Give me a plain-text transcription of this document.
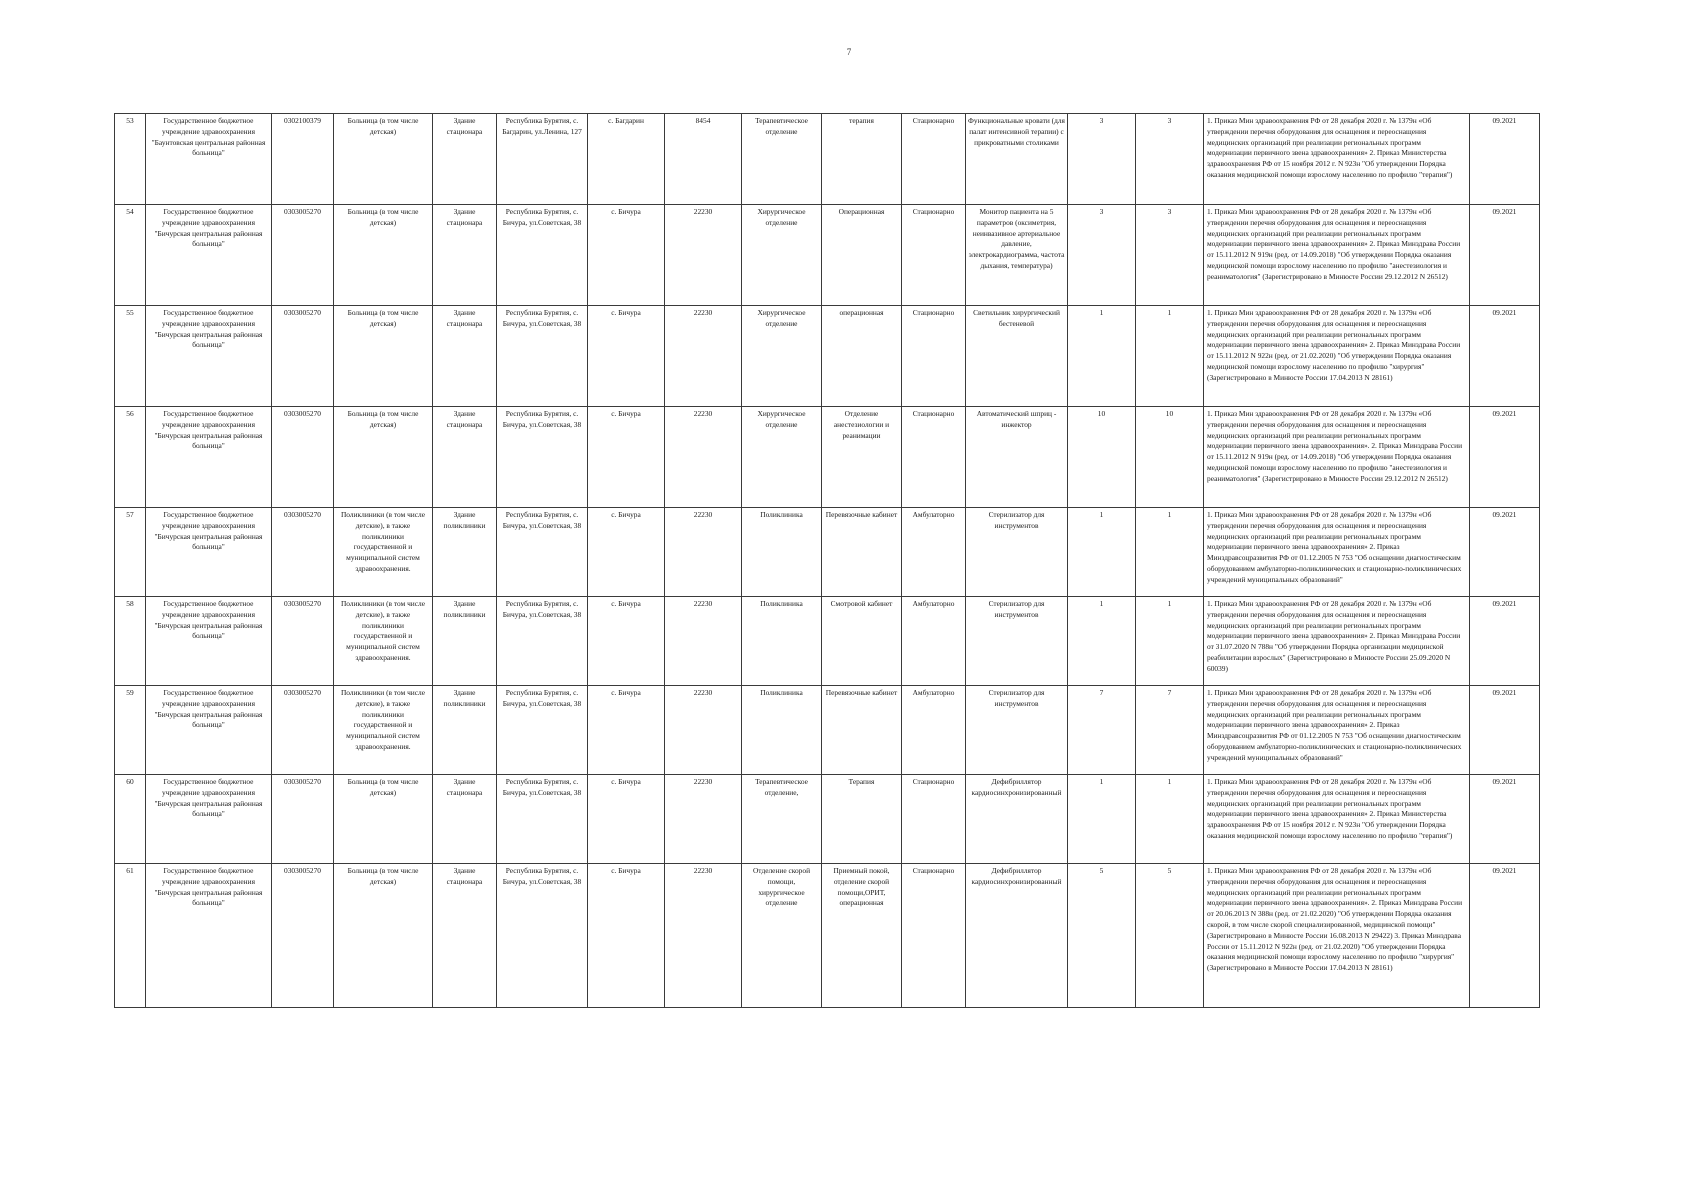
7
53	Государственное бюджетное учреждение здравоохранения "Баунтовская центральная районная больница"	0302100379	Больница (в том числе детская)	Здание стационара	Республика Бурятия, с. Багдарин, ул.Ленина, 127	с. Багдарин	8454	Терапевтическое отделение	терапия	Стационарно	Функциональные кровати (для палат интенсивной терапии) с прикроватными столиками	3	3	1. Приказ Мин здравоохранения РФ от 28 декабря 2020 г. № 1379н «Об утверждении перечня оборудования для оснащения и переоснащения медицинских организаций при реализации региональных программ модернизации первичного звена здравоохранения» 2. Приказ Министерства здравоохранения РФ от 15 ноября 2012 г. N 923н "Об утверждении Порядка оказания медицинской помощи взрослому населению по профилю "терапия")	09.2021
54	Государственное бюджетное учреждение здравоохранения "Бичурская центральная районная больница"	0303005270	Больница (в том числе детская)	Здание стационара	Республика Бурятия, с. Бичура, ул.Советская, 38	с. Бичура	22230	Хирургическое отделение	Операционная	Стационарно	Монитор пациента на 5 параметров (оксиметрия, неинвазивное артериальное давление, электрокардиограмма, частота дыхания, температура)	3	3	1. Приказ Мин здравоохранения РФ от 28 декабря 2020 г. № 1379н «Об утверждении перечня оборудования для оснащения и переоснащения медицинских организаций при реализации региональных программ модернизации первичного звена здравоохранения» 2. Приказ Минздрава России от 15.11.2012 N 919н (ред. от 14.09.2018) "Об утверждении Порядка оказания медицинской помощи взрослому населению по профилю "анестезиология и реаниматология" (Зарегистрировано в Минюсте России 29.12.2012 N 26512)	09.2021
55	Государственное бюджетное учреждение здравоохранения "Бичурская центральная районная больница"	0303005270	Больница (в том числе детская)	Здание стационара	Республика Бурятия, с. Бичура, ул.Советская, 38	с. Бичура	22230	Хирургическое отделение	операционная	Стационарно	Светильник хирургический бестеневой	1	1	1. Приказ Мин здравоохранения РФ от 28 декабря 2020 г. № 1379н «Об утверждении перечня оборудования для оснащения и переоснащения медицинских организаций при реализации региональных программ модернизации первичного звена здравоохранения» 2. Приказ Минздрава России от 15.11.2012 N 922н (ред. от 21.02.2020) "Об утверждении Порядка оказания медицинской помощи взрослому населению по профилю "хирургия" (Зарегистрировано в Минюсте России 17.04.2013 N 28161)	09.2021
56	Государственное бюджетное учреждение здравоохранения "Бичурская центральная районная больница"	0303005270	Больница (в том числе детская)	Здание стационара	Республика Бурятия, с. Бичура, ул.Советская, 38	с. Бичура	22230	Хирургическое отделение	Отделение анестезиологии и реанимации	Стационарно	Автоматический шприц - инжектор	10	10	1. Приказ Мин здравоохранения РФ от 28 декабря 2020 г. № 1379н «Об утверждении перечня оборудования для оснащения и переоснащения медицинских организаций при реализации региональных программ модернизации первичного звена здравоохранения». 2. Приказ Минздрава России от 15.11.2012 N 919н (ред. от 14.09.2018) "Об утверждении Порядка оказания медицинской помощи взрослому населению по профилю "анестезиология и реаниматология" (Зарегистрировано в Минюсте России 29.12.2012 N 26512)	09.2021
57	Государственное бюджетное учреждение здравоохранения "Бичурская центральная районная больница"	0303005270	Поликлиники (в том числе детские), в также поликлиники государственной и муниципальной систем здравоохранения.	Здание поликлиники	Республика Бурятия, с. Бичура, ул.Советская, 38	с. Бичура	22230	Поликлиника	Перевязочные кабинет	Амбулаторно	Стерилизатор для инструментов	1	1	1. Приказ Мин здравоохранения РФ от 28 декабря 2020 г. № 1379н «Об утверждении перечня оборудования для оснащения и переоснащения медицинских организаций при реализации региональных программ модернизации первичного звена здравоохранения» 2. Приказ Минздравсоцразвития РФ от 01.12.2005 N 753 "Об оснащении диагностическим оборудованием амбулаторно-поликлинических и стационарно-поликлинических учреждений муниципальных образований"	09.2021
58	Государственное бюджетное учреждение здравоохранения "Бичурская центральная районная больница"	0303005270	Поликлиники (в том числе детские), в также поликлиники государственной и муниципальной систем здравоохранения.	Здание поликлиники	Республика Бурятия, с. Бичура, ул.Советская, 38	с. Бичура	22230	Поликлиника	Смотровой кабинет	Амбулаторно	Стерилизатор для инструментов	1	1	1. Приказ Мин здравоохранения РФ от 28 декабря 2020 г. № 1379н «Об утверждении перечня оборудования для оснащения и переоснащения медицинских организаций при реализации региональных программ модернизации первичного звена здравоохранения» 2. Приказ Минздрава России от 31.07.2020 N 788н "Об утверждении Порядка организации медицинской реабилитации взрослых" (Зарегистрировано в Минюсте России 25.09.2020 N 60039)	09.2021
59	Государственное бюджетное учреждение здравоохранения "Бичурская центральная районная больница"	0303005270	Поликлиники (в том числе детские), в также поликлиники государственной и муниципальной систем здравоохранения.	Здание поликлиники	Республика Бурятия, с. Бичура, ул.Советская, 38	с. Бичура	22230	Поликлиника	Перевязочные кабинет	Амбулаторно	Стерилизатор для инструментов	7	7	1. Приказ Мин здравоохранения РФ от 28 декабря 2020 г. № 1379н «Об утверждении перечня оборудования для оснащения и переоснащения медицинских организаций при реализации региональных программ модернизации первичного звена здравоохранения» 2. Приказ Минздравсоцразвития РФ от 01.12.2005 N 753 "Об оснащении диагностическим оборудованием амбулаторно-поликлинических и стационарно-поликлинических учреждений муниципальных образований"	09.2021
60	Государственное бюджетное учреждение здравоохранения "Бичурская центральная районная больница"	0303005270	Больница (в том числе детская)	Здание стационара	Республика Бурятия, с. Бичура, ул.Советская, 38	с. Бичура	22230	Терапевтическое отделение,	Терапия	Стационарно	Дефибриллятор кардиосинхронизированный	1	1	1. Приказ Мин здравоохранения РФ от 28 декабря 2020 г. № 1379н «Об утверждении перечня оборудования для оснащения и переоснащения медицинских организаций при реализации региональных программ модернизации первичного звена здравоохранения» 2. Приказ Министерства здравоохранения РФ от 15 ноября 2012 г. N 923н "Об утверждении Порядка оказания медицинской помощи взрослому населению по профилю "терапия")	09.2021
61	Государственное бюджетное учреждение здравоохранения "Бичурская центральная районная больница"	0303005270	Больница (в том числе детская)	Здание стационара	Республика Бурятия, с. Бичура, ул.Советская, 38	с. Бичура	22230	Отделение скорой помощи, хирургическое отделение	Приемный покой, отделение скорой помощи,ОРИТ, операционная	Стационарно	Дефибриллятор кардиосинхронизированный	5	5	1. Приказ Мин здравоохранения РФ от 28 декабря 2020 г. № 1379н «Об утверждении перечня оборудования для оснащения и переоснащения медицинских организаций при реализации региональных программ модернизации первичного звена здравоохранения». 2. Приказ Минздрава России от 20.06.2013 N 388н (ред. от 21.02.2020) "Об утверждении Порядка оказания скорой, в том числе скорой специализированной, медицинской помощи" (Зарегистрировано в Минюсте России 16.08.2013 N 29422) 3. Приказ Минздрава России от 15.11.2012 N 922н (ред. от 21.02.2020) "Об утверждении Порядка оказания медицинской помощи взрослому населению по профилю "хирургия" (Зарегистрировано в Минюсте России 17.04.2013 N 28161)	09.2021
